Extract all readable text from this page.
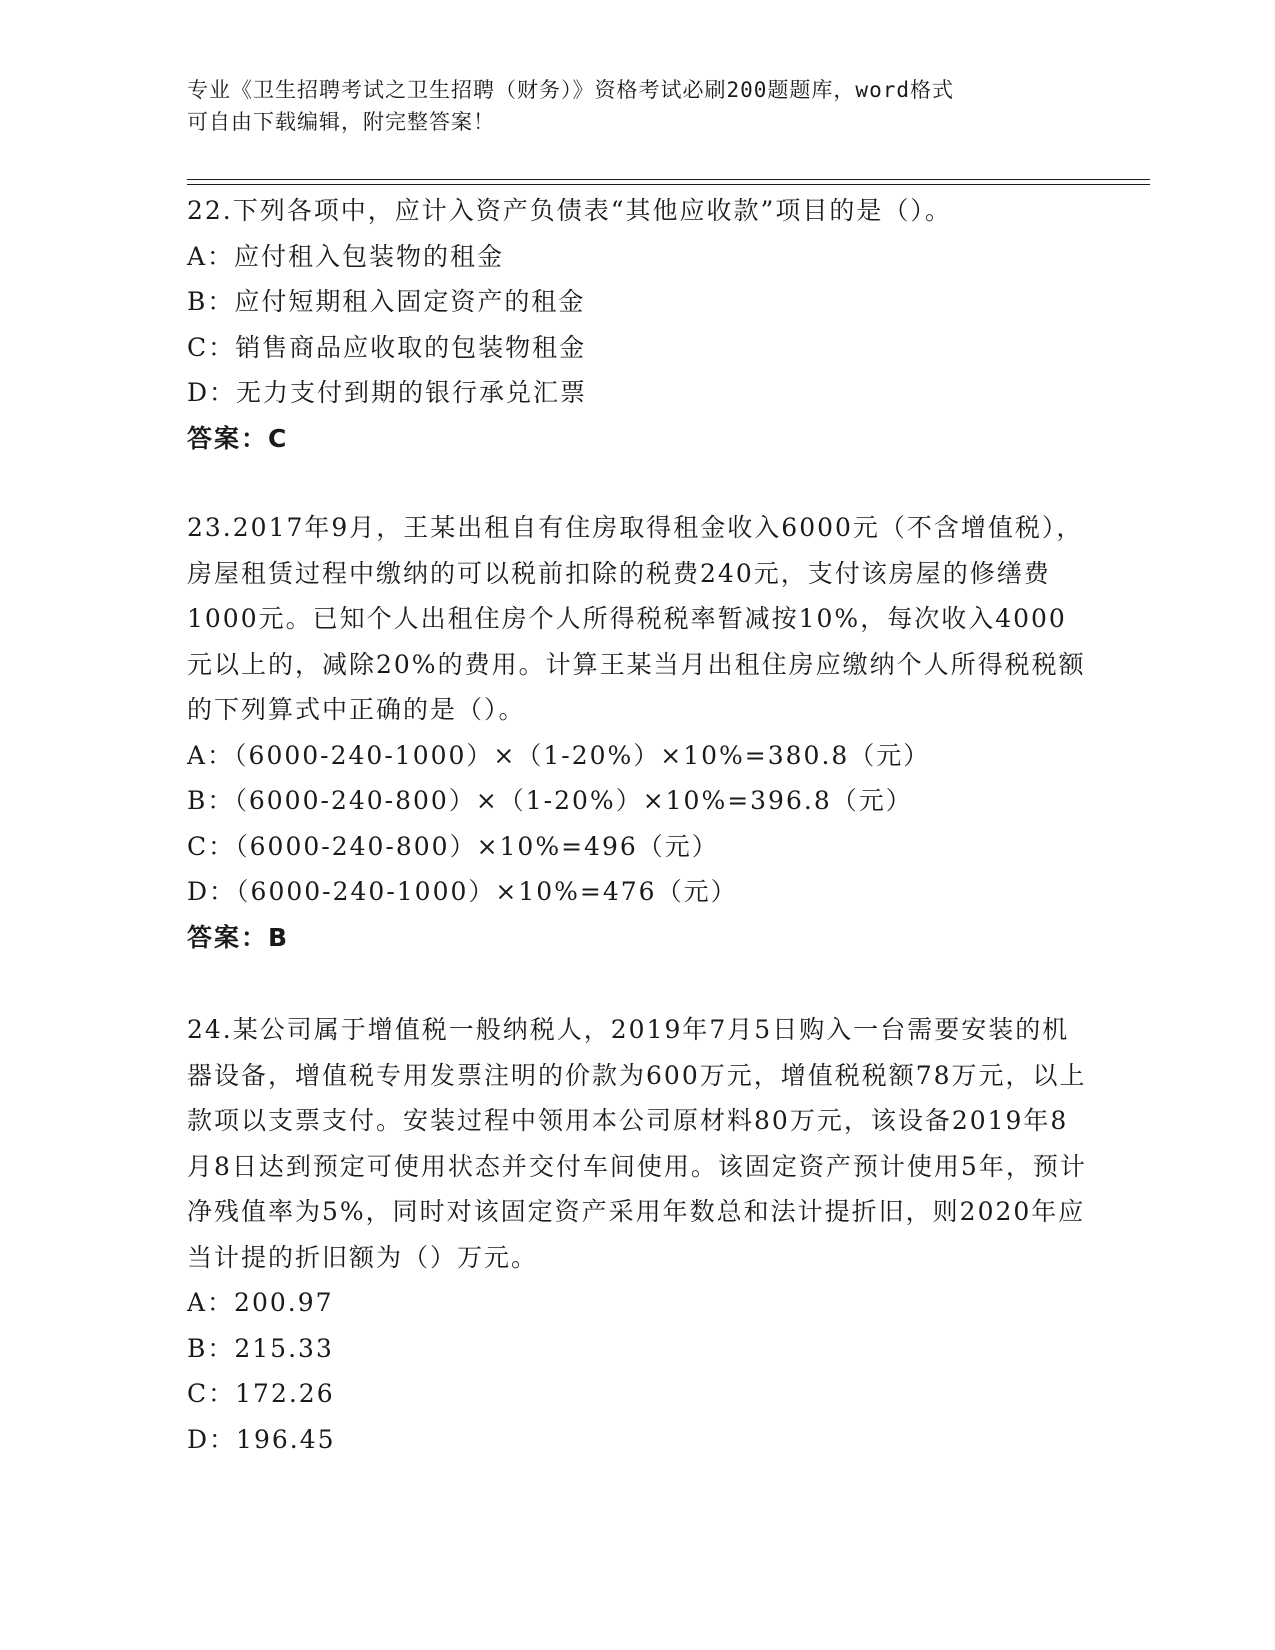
专业《卫生招聘考试之卫生招聘（财务）》资格考试必刷200题题库，word格式
可自由下载编辑，附完整答案！
22.下列各项中，应计入资产负债表“其他应收款”项目的是（）。
A：应付租入包装物的租金
B：应付短期租入固定资产的租金
C：销售商品应收取的包装物租金
D：无力支付到期的银行承兑汇票
答案：C
23.2017年9月，王某出租自有住房取得租金收入6000元（不含增值税），房屋租赁过程中缴纳的可以税前扣除的税费240元，支付该房屋的修缮费1000元。已知个人出租住房个人所得税税率暂减按10%，每次收入4000元以上的，减除20%的费用。计算王某当月出租住房应缴纳个人所得税税额的下列算式中正确的是（）。
A：（6000-240-1000）×（1-20%）×10%=380.8（元）
B：（6000-240-800）×（1-20%）×10%=396.8（元）
C：（6000-240-800）×10%=496（元）
D：（6000-240-1000）×10%=476（元）
答案：B
24.某公司属于增值税一般纳税人，2019年7月5日购入一台需要安装的机器设备，增值税专用发票注明的价款为600万元，增值税税额78万元，以上款项以支票支付。安装过程中领用本公司原材料80万元，该设备2019年8月8日达到预定可使用状态并交付车间使用。该固定资产预计使用5年，预计净残值率为5%，同时对该固定资产采用年数总和法计提折旧，则2020年应当计提的折旧额为（）万元。
A：200.97
B：215.33
C：172.26
D：196.45
